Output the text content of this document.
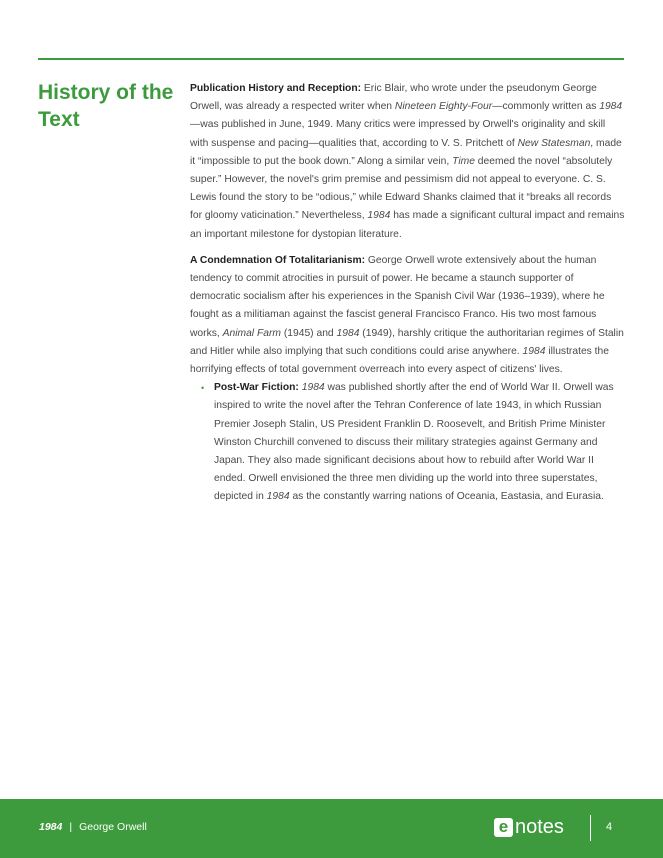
History of the Text

Publication History and Reception: Eric Blair, who wrote under the pseudonym George Orwell, was already a respected writer when Nineteen Eighty-Four—commonly written as 1984—was published in June, 1949. Many critics were impressed by Orwell's originality and skill with suspense and pacing—qualities that, according to V. S. Pritchett of New Statesman, made it “impossible to put the book down.” Along a similar vein, Time deemed the novel “absolutely super.” However, the novel's grim premise and pessimism did not appeal to everyone. C. S. Lewis found the story to be “odious,” while Edward Shanks claimed that it “breaks all records for gloomy vaticination.” Nevertheless, 1984 has made a significant cultural impact and remains an important milestone for dystopian literature.

A Condemnation Of Totalitarianism: George Orwell wrote extensively about the human tendency to commit atrocities in pursuit of power. He became a staunch supporter of democratic socialism after his experiences in the Spanish Civil War (1936–1939), where he fought as a militiaman against the fascist general Francisco Franco. His two most famous works, Animal Farm (1945) and 1984 (1949), harshly critique the authoritarian regimes of Stalin and Hitler while also implying that such conditions could arise anywhere. 1984 illustrates the horrifying effects of total government overreach into every aspect of citizens' lives.

• Post-War Fiction: 1984 was published shortly after the end of World War II. Orwell was inspired to write the novel after the Tehran Conference of late 1943, in which Russian Premier Joseph Stalin, US President Franklin D. Roosevelt, and British Prime Minister Winston Churchill convened to discuss their military strategies against Germany and Japan. They also made significant decisions about how to rebuild after World War II ended. Orwell envisioned the three men dividing up the world into three superstates, depicted in 1984 as the constantly warring nations of Oceania, Eastasia, and Eurasia.
1984 | George Orwell	e notes	4
